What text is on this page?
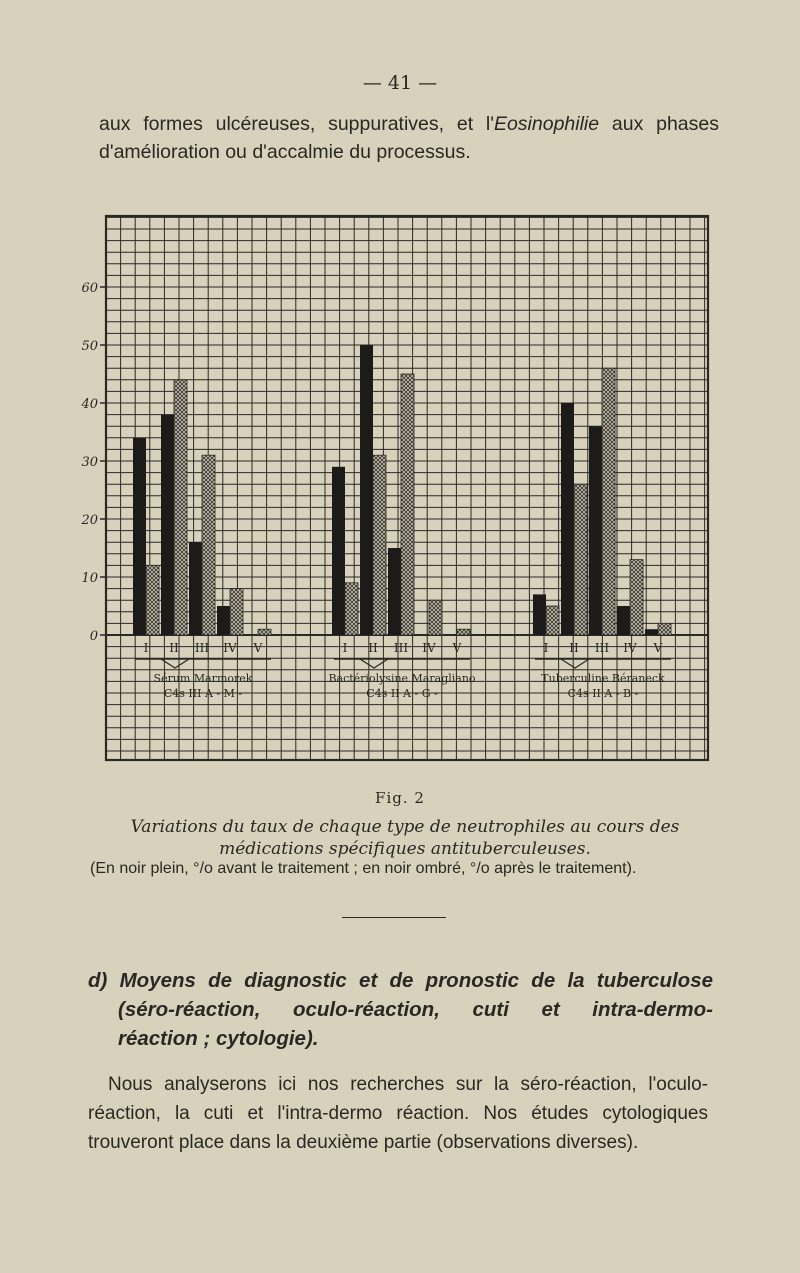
— 41 —

aux formes ulcéreuses, suppuratives, et l'Eosinophilie aux phases d'amélioration ou d'accalmie du processus.

0
10
20
30
40
50
60
I II III IV V
Sérum Marmorek
C4s III A - M -
I II III IV V
Bactériolysine Maragliano
C4s II A - G -
I II III IV V
Tuberculine Béraneck
C4s II A - B -
Fig. 2
Variations du taux de chaque type de neutrophiles au cours des médications spécifiques antituberculeuses.
(En noir plein, °/o avant le traitement ; en noir ombré, °/o après le traitement).
d) Moyens de diagnostic et de pronostic de la tuberculose
(séro-réaction, oculo-réaction, cuti et intra-dermo-
réaction ; cytologie).

Nous analyserons ici nos recherches sur la séro-réaction, l'oculo-réaction, la cuti et l'intra-dermo réaction. Nos études cytologiques trouveront place dans la deuxième partie (observations diverses).
